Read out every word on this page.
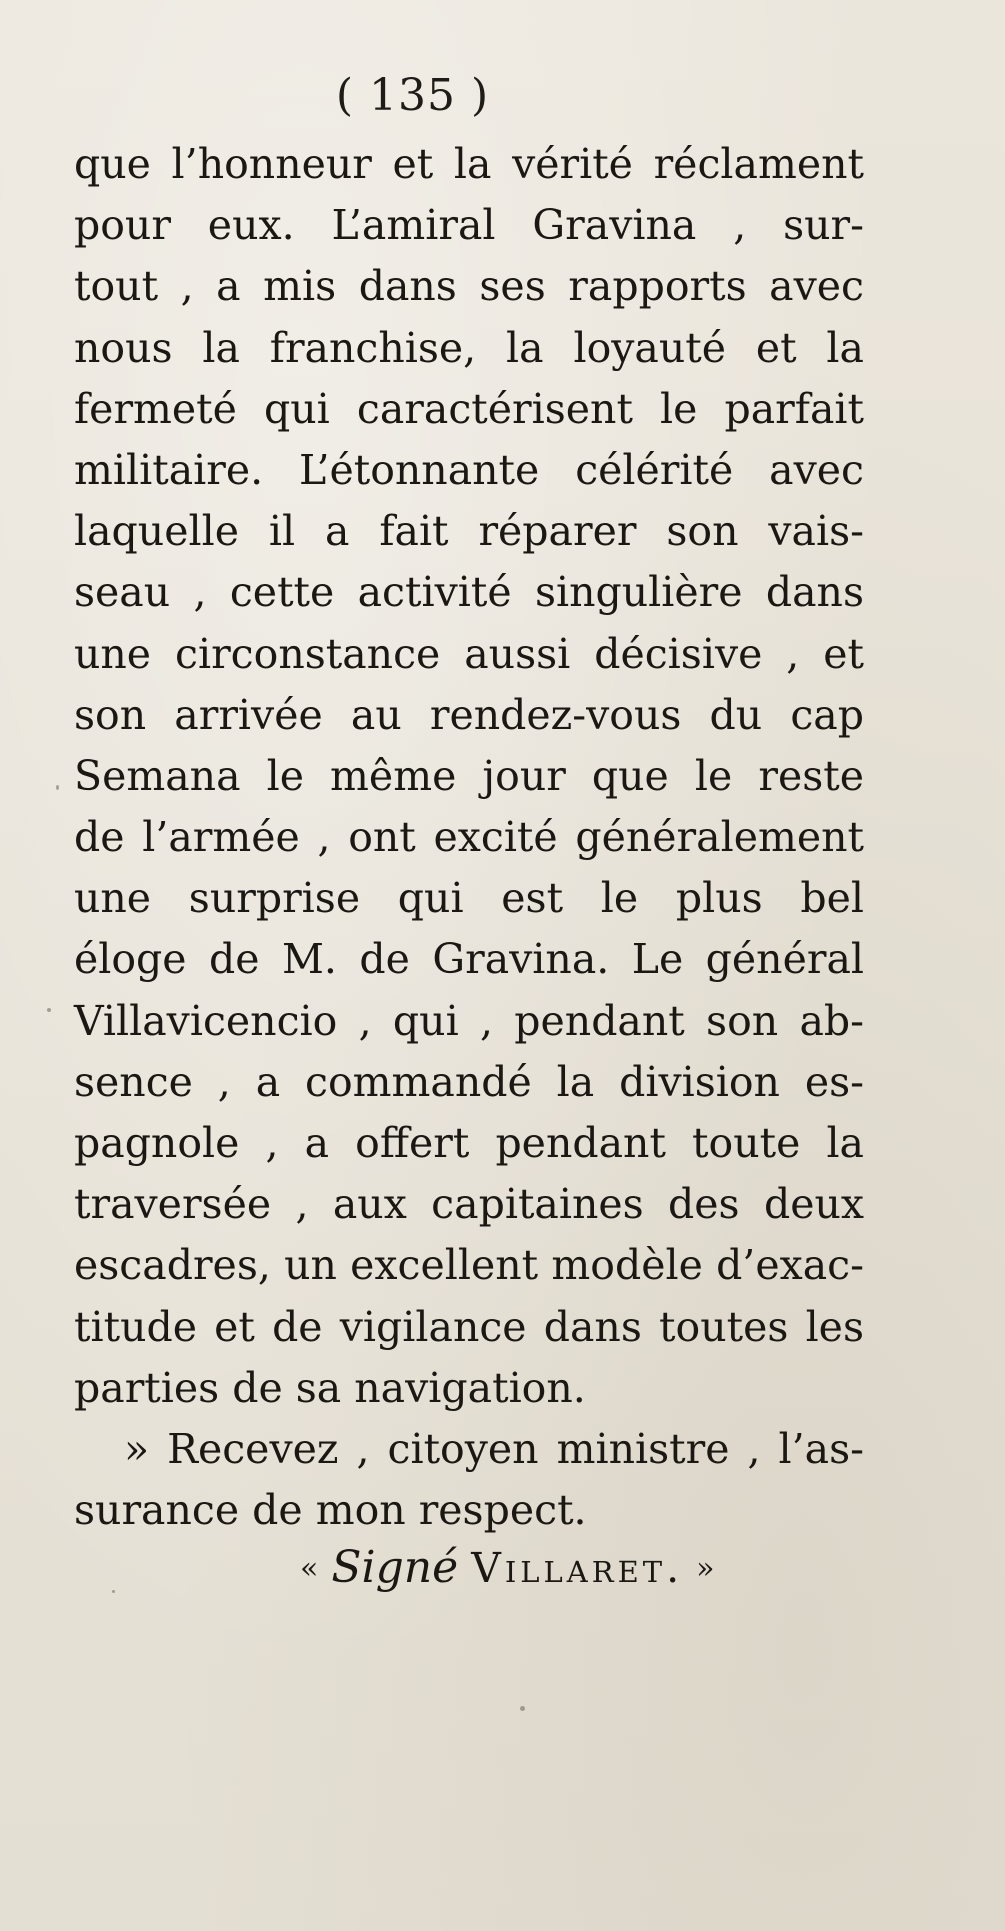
( 135 )
que l’honneur et la vérité réclament
pour eux. L’amiral Gravina , sur-
tout , a mis dans ses rapports avec
nous la franchise, la loyauté et la
fermeté qui caractérisent le parfait
militaire. L’étonnante célérité avec
laquelle il a fait réparer son vais-
seau , cette activité singulière dans
une circonstance aussi décisive , et
son arrivée au rendez-vous du cap
Semana le même jour que le reste
de l’armée , ont excité généralement
une surprise qui est le plus bel
éloge de M. de Gravina. Le général
Villavicencio , qui , pendant son ab-
sence , a commandé la division es-
pagnole , a offert pendant toute la
traversée , aux capitaines des deux
escadres, un excellent modèle d’exac-
titude et de vigilance dans toutes les
parties de sa navigation.
» Recevez , citoyen ministre , l’as-
surance de mon respect.
« Signé Villaret. »
